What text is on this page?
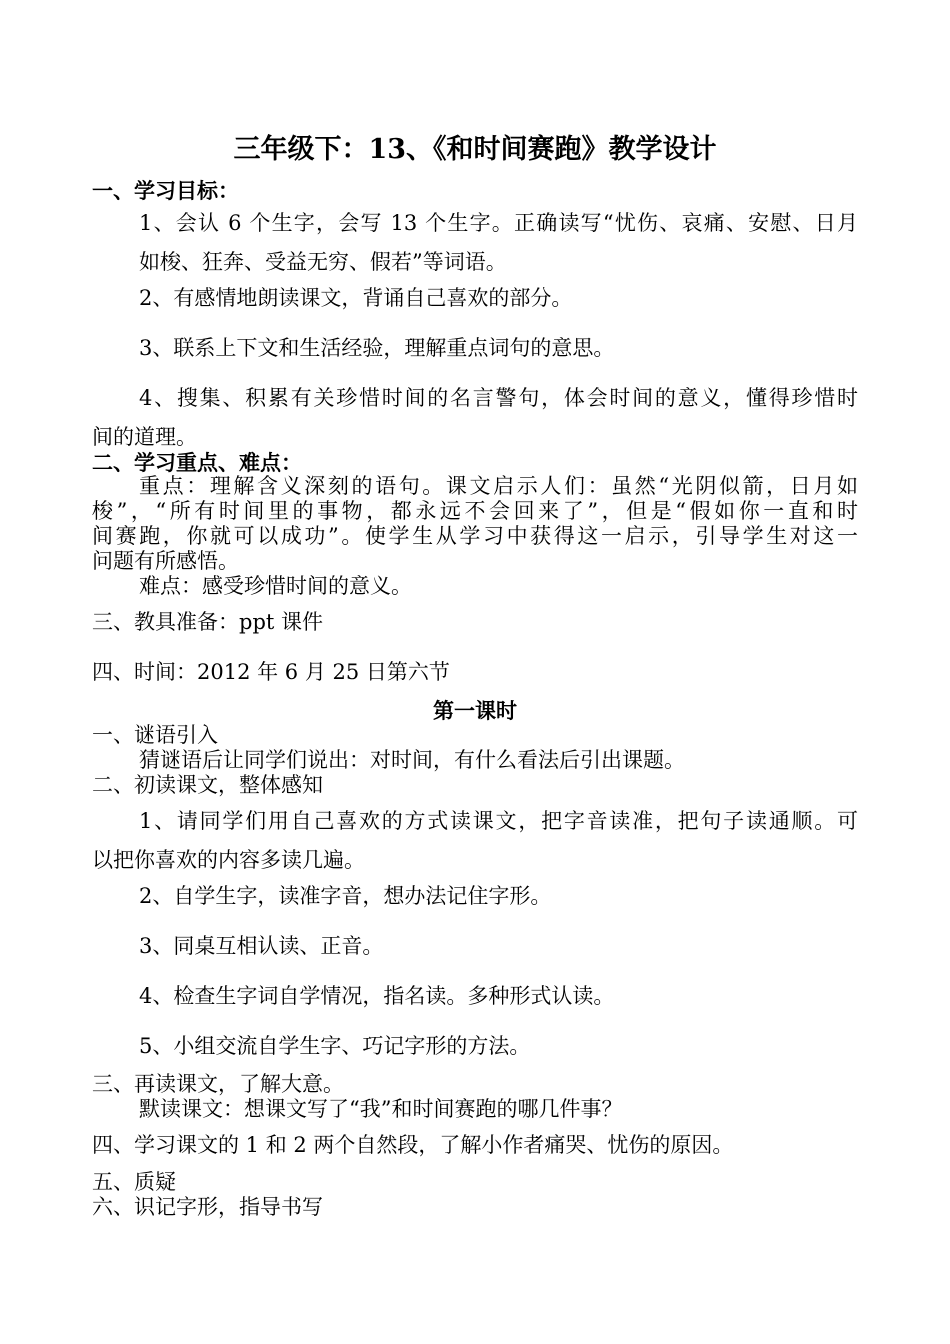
三年级下：13、《和时间赛跑》教学设计
一、学习目标：
1、会认 6 个生字，会写 13 个生字。正确读写“忧伤、哀痛、安慰、日月
如梭、狂奔、受益无穷、假若”等词语。
2、有感情地朗读课文，背诵自己喜欢的部分。
3、联系上下文和生活经验，理解重点词句的意思。
4、搜集、积累有关珍惜时间的名言警句，体会时间的意义，懂得珍惜时
间的道理。
二、学习重点、难点：
重点：理解含义深刻的语句。课文启示人们：虽然“光阴似箭，日月如
梭”，“所有时间里的事物，都永远不会回来了”，但是“假如你一直和时
间赛跑，你就可以成功”。使学生从学习中获得这一启示，引导学生对这一
问题有所感悟。
难点：感受珍惜时间的意义。
三、教具准备：ppt 课件
四、时间：2012 年 6 月 25 日第六节
第一课时
一、谜语引入
猜谜语后让同学们说出：对时间，有什么看法后引出课题。
二、初读课文，整体感知
1、请同学们用自己喜欢的方式读课文，把字音读准，把句子读通顺。可
以把你喜欢的内容多读几遍。
2、自学生字，读准字音，想办法记住字形。
3、同桌互相认读、正音。
4、检查生字词自学情况，指名读。多种形式认读。
5、小组交流自学生字、巧记字形的方法。
三、再读课文，了解大意。
默读课文：想课文写了“我”和时间赛跑的哪几件事？
四、学习课文的 1 和 2 两个自然段，了解小作者痛哭、忧伤的原因。
五、质疑
六、识记字形，指导书写
